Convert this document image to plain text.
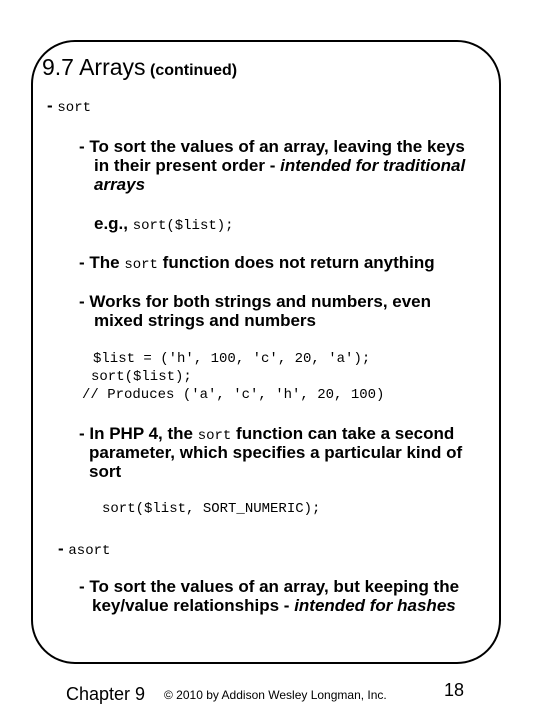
9.7 Arrays (continued)
- sort
- To sort the values of an array, leaving the keys
in their present order - intended for traditional
arrays
e.g., sort($list);
- The sort function does not return anything
- Works for both strings and numbers, even
mixed strings and numbers
$list = ('h', 100, 'c', 20, 'a');
sort($list);
// Produces ('a', 'c', 'h', 20, 100)
- In PHP 4, the sort function can take a second
parameter, which specifies a particular kind of
sort
sort($list, SORT_NUMERIC);
- asort
- To sort the values of an array, but keeping the
key/value relationships - intended for hashes
Chapter 9 © 2010 by Addison Wesley Longman, Inc.	18
